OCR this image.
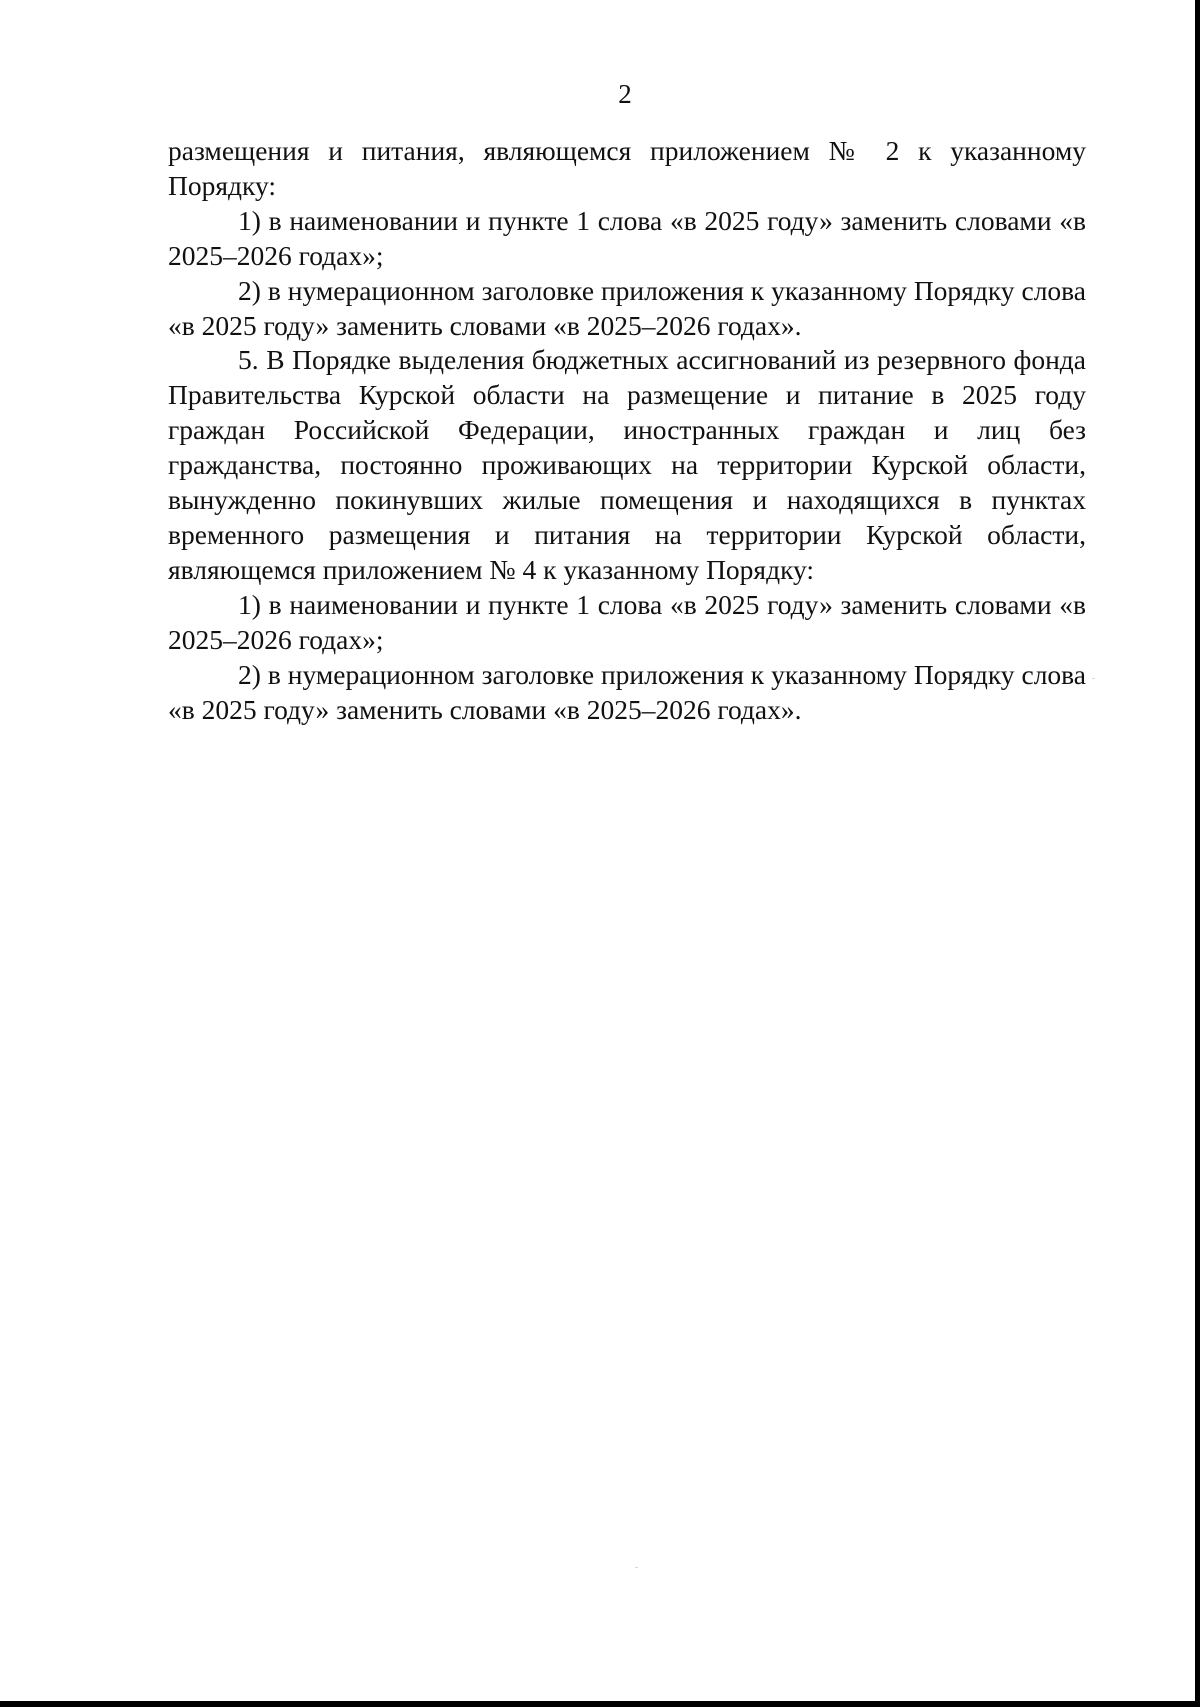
2

размещения и питания, являющемся приложением № 2 к указанному Порядку:

1) в наименовании и пункте 1 слова «в 2025 году» заменить словами «в 2025–2026 годах»;

2) в нумерационном заголовке приложения к указанному Порядку слова «в 2025 году» заменить словами «в 2025–2026 годах».

5. В Порядке выделения бюджетных ассигнований из резервного фонда Правительства Курской области на размещение и питание в 2025 году граждан Российской Федерации, иностранных граждан и лиц без гражданства, постоянно проживающих на территории Курской области, вынужденно покинувших жилые помещения и находящихся в пунктах временного размещения и питания на территории Курской области, являющемся приложением № 4 к указанному Порядку:

1) в наименовании и пункте 1 слова «в 2025 году» заменить словами «в 2025–2026 годах»;

2) в нумерационном заголовке приложения к указанному Порядку слова «в 2025 году» заменить словами «в 2025–2026 годах».
